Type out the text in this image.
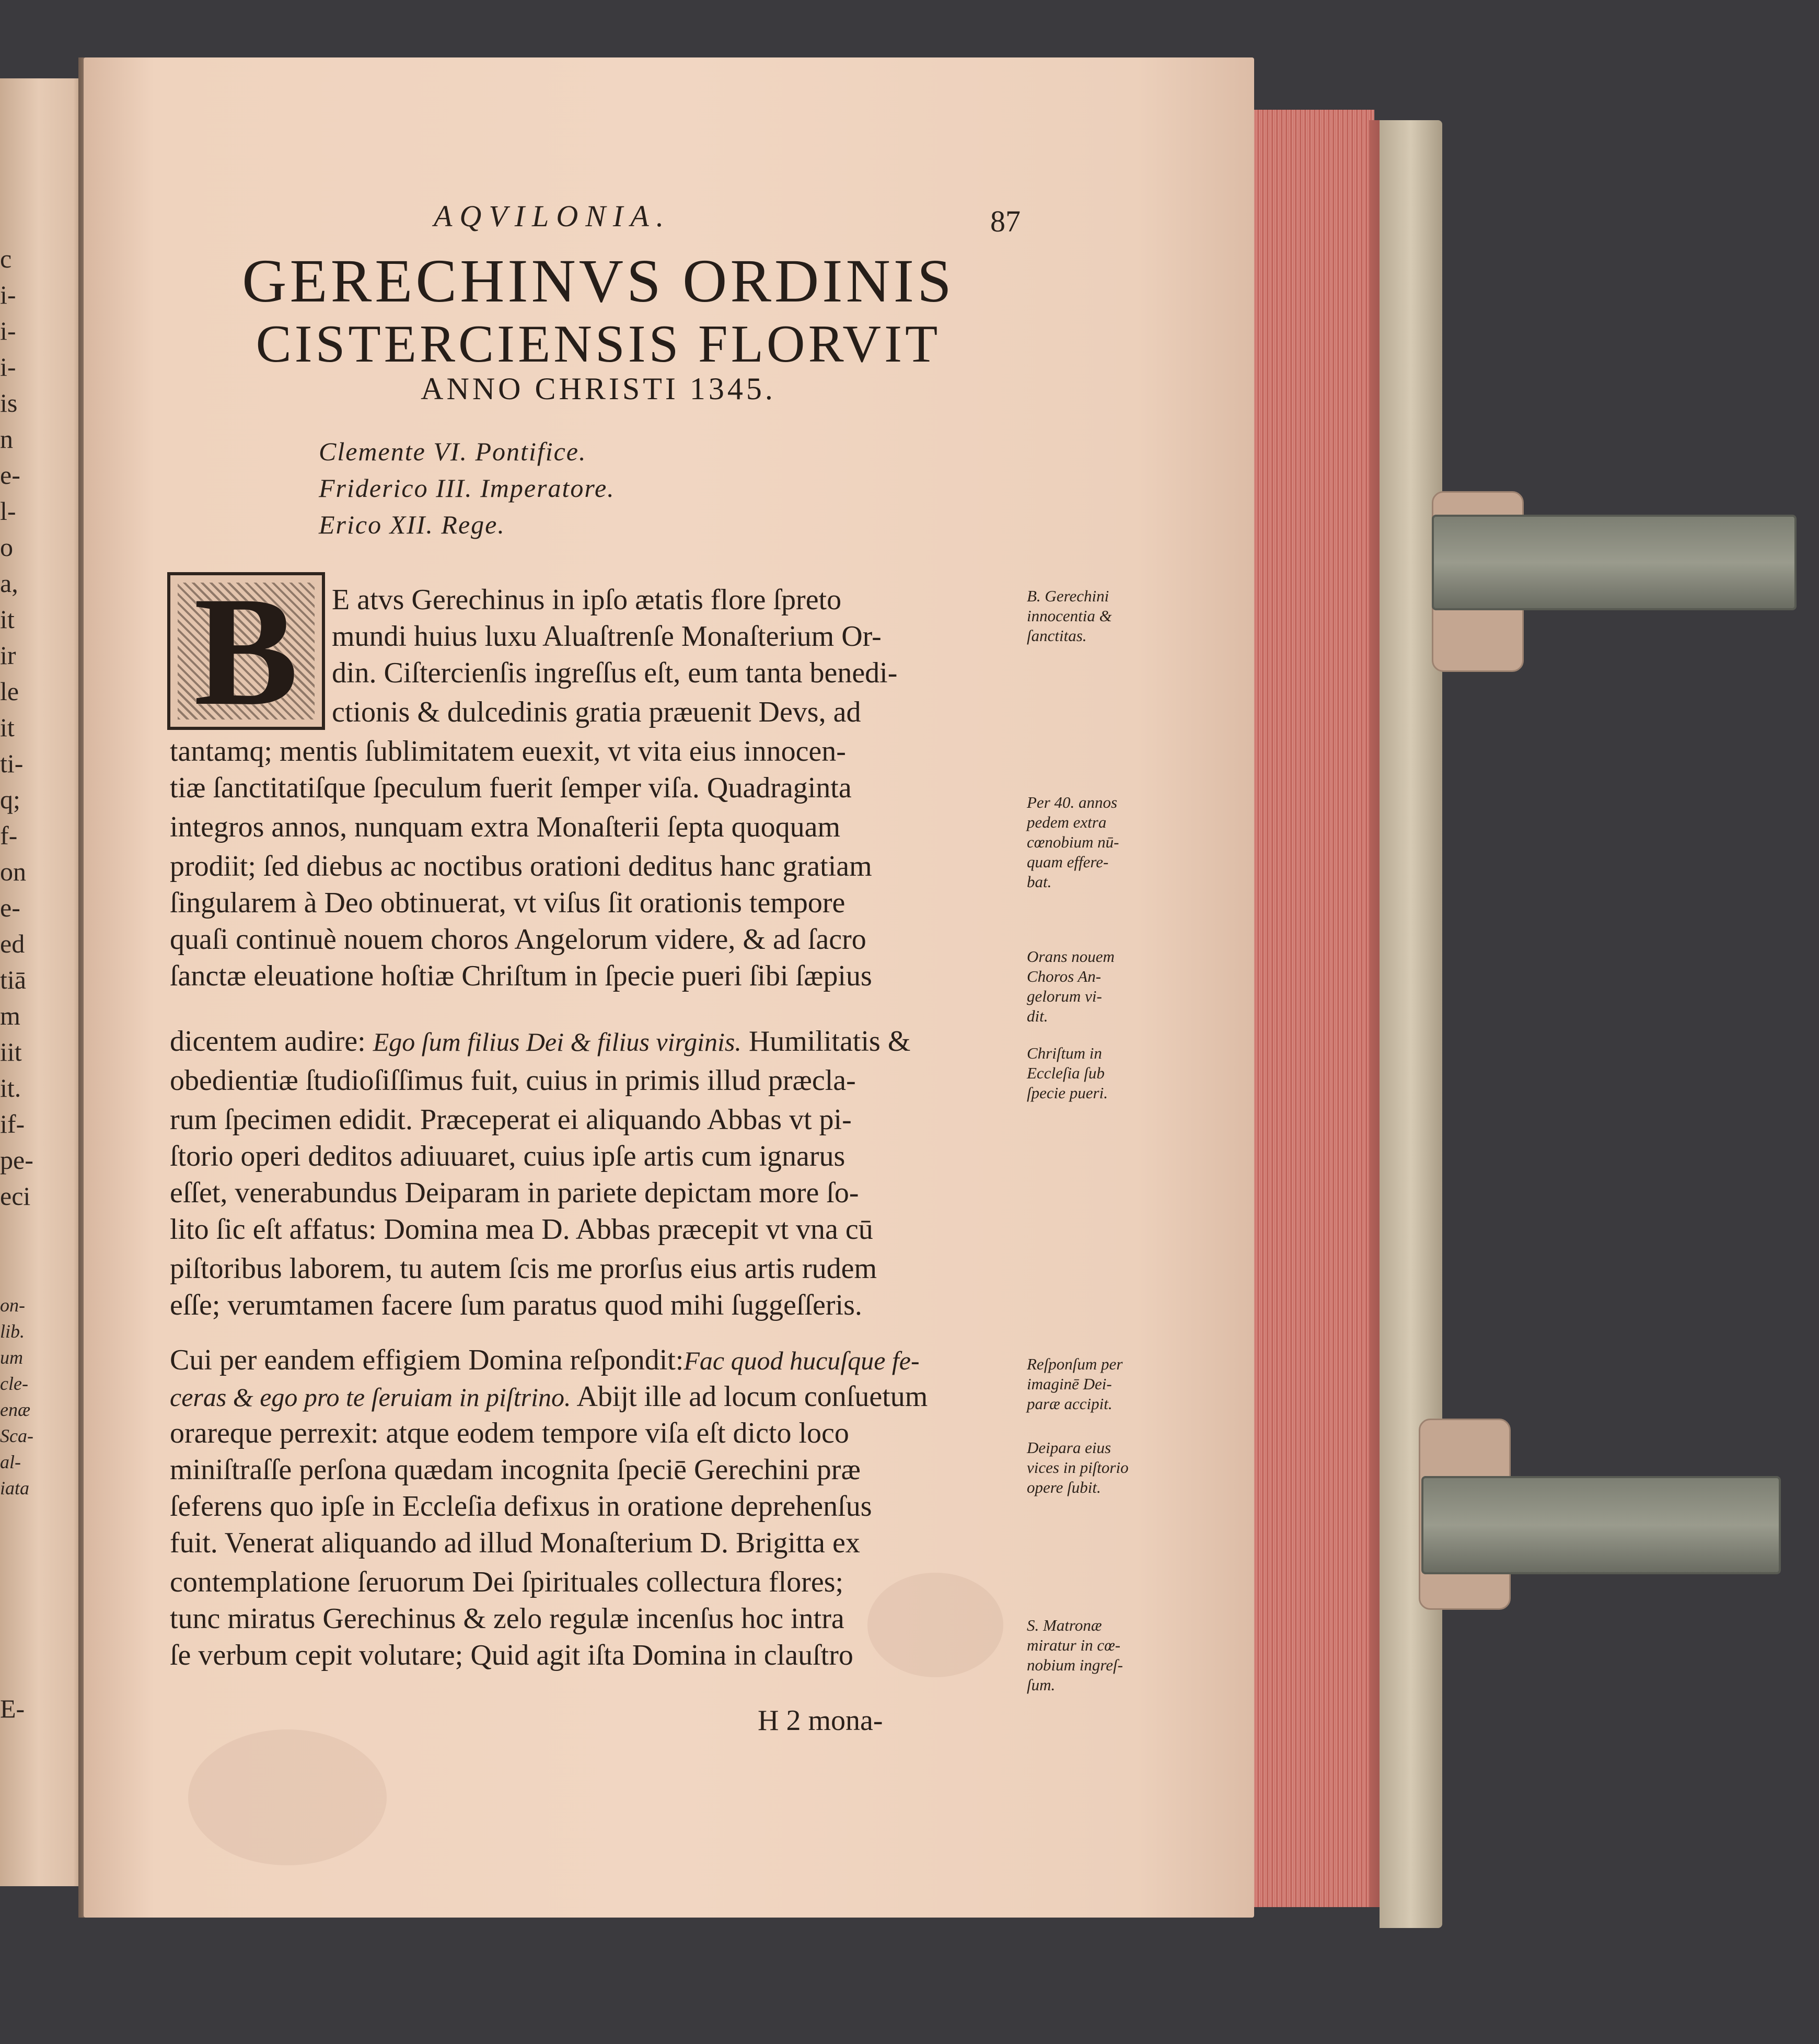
c
i-
i-
i-
is
n
e-
l-
o
a,
it
ir
le
it
ti-
q;
f-
on
e-
ed
tiā
m
iit
it.
if-
pe-
eci
on-
lib.
um
cle-
enæ
Sca-
al-
iata
E-
AQVILONIA.	87
GERECHINVS ORDINIS
CISTERCIENSIS FLORVIT
ANNO CHRISTI 1345.
Clemente VI. Pontifice.
Friderico III. Imperatore.
Erico XII. Rege.
B E atvs Gerechinus in ipſo ætatis flore ſpreto
mundi huius luxu Aluaſtrenſe Monaſterium Or-
din. Ciſtercienſis ingreſſus eſt, eum tanta benedi-
ctionis & dulcedinis gratia præuenit Devs, ad
tantamq; mentis ſublimitatem euexit, vt vita eius innocen-
tiæ ſanctitatiſque ſpeculum fuerit ſemper viſa. Quadraginta
integros annos, nunquam extra Monaſterii ſepta quoquam
prodiit; ſed diebus ac noctibus orationi deditus hanc gratiam
ſingularem à Deo obtinuerat, vt viſus ſit orationis tempore
quaſi continuè nouem choros Angelorum videre, & ad ſacro
ſanctæ eleuatione hoſtiæ Chriſtum in ſpecie pueri ſibi ſæpius
obedientiæ ſtudioſiſſimus fuit, cuius in primis illud præcla-
rum ſpecimen edidit. Præceperat ei aliquando Abbas vt pi-
ſtorio operi deditos adiuuaret, cuius ipſe artis cum ignarus
eſſet, venerabundus Deiparam in pariete depictam more ſo-
lito ſic eſt affatus: Domina mea D. Abbas præcepit vt vna cū
piſtoribus laborem, tu autem ſcis me prorſus eius artis rudem
eſſe; verumtamen facere ſum paratus quod mihi ſuggeſſeris.
orareque perrexit: atque eodem tempore viſa eſt dicto loco
miniſtraſſe perſona quædam incognita ſpeciē Gerechini præ
ſeferens quo ipſe in Eccleſia defixus in oratione deprehenſus
fuit. Venerat aliquando ad illud Monaſterium D. Brigitta ex
contemplatione ſeruorum Dei ſpirituales collectura flores;
tunc miratus Gerechinus & zelo regulæ incenſus hoc intra
ſe verbum cepit volutare; Quid agit iſta Domina in clauſtro
dicentem audire: Ego ſum filius Dei & filius virginis. Humilitatis &
Cui per eandem effigiem Domina reſpondit:Fac quod hucuſque fe-
ceras & ego pro te ſeruiam in piſtrino. Abijt ille ad locum conſuetum
H 2 mona-
B. Gerechini
innocentia &
ſanctitas.
Per 40. annos
pedem extra
cœnobium nū-
quam effere-
bat.
Orans nouem
Choros An-
gelorum vi-
dit.
Chriſtum in
Eccleſia ſub
ſpecie pueri.
Reſponſum per
imaginē Dei-
paræ accipit.
Deipara eius
vices in piſtorio
opere ſubit.
S. Matronæ
miratur in cœ-
nobium ingreſ-
ſum.
